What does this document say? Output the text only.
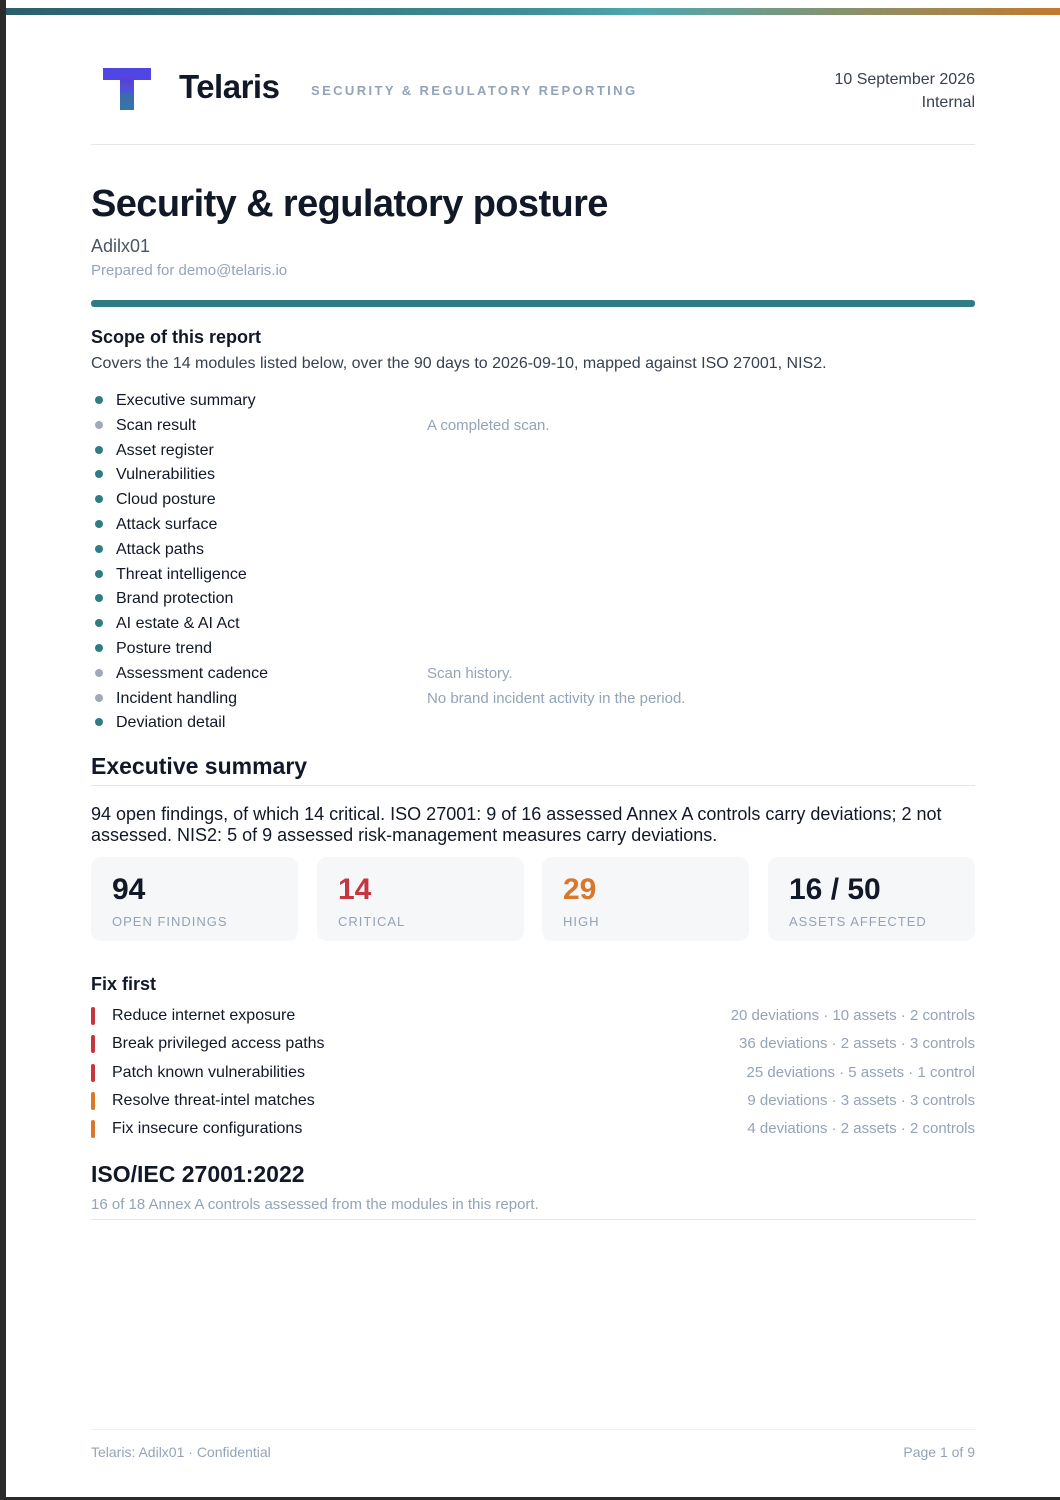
Telaris SECURITY & REGULATORY REPORTING
10 September 2026
Internal
Security & regulatory posture
Adilx01
Prepared for demo@telaris.io
Scope of this report
Covers the 14 modules listed below, over the 90 days to 2026-09-10, mapped against ISO 27001, NIS2.
Executive summary
Scan result	A completed scan.
Asset register
Vulnerabilities
Cloud posture
Attack surface
Attack paths
Threat intelligence
Brand protection
AI estate & AI Act
Posture trend
Assessment cadence	Scan history.
Incident handling	No brand incident activity in the period.
Deviation detail
Executive summary
94 open findings, of which 14 critical. ISO 27001: 9 of 16 assessed Annex A controls carry deviations; 2 not assessed. NIS2: 5 of 9 assessed risk-management measures carry deviations.
94
OPEN FINDINGS
14
CRITICAL
29
HIGH
16 / 50
ASSETS AFFECTED
Fix first
Reduce internet exposure	20 deviations · 10 assets · 2 controls
Break privileged access paths	36 deviations · 2 assets · 3 controls
Patch known vulnerabilities	25 deviations · 5 assets · 1 control
Resolve threat-intel matches	9 deviations · 3 assets · 3 controls
Fix insecure configurations	4 deviations · 2 assets · 2 controls
ISO/IEC 27001:2022
16 of 18 Annex A controls assessed from the modules in this report.
Telaris: Adilx01 · Confidential	Page 1 of 9
